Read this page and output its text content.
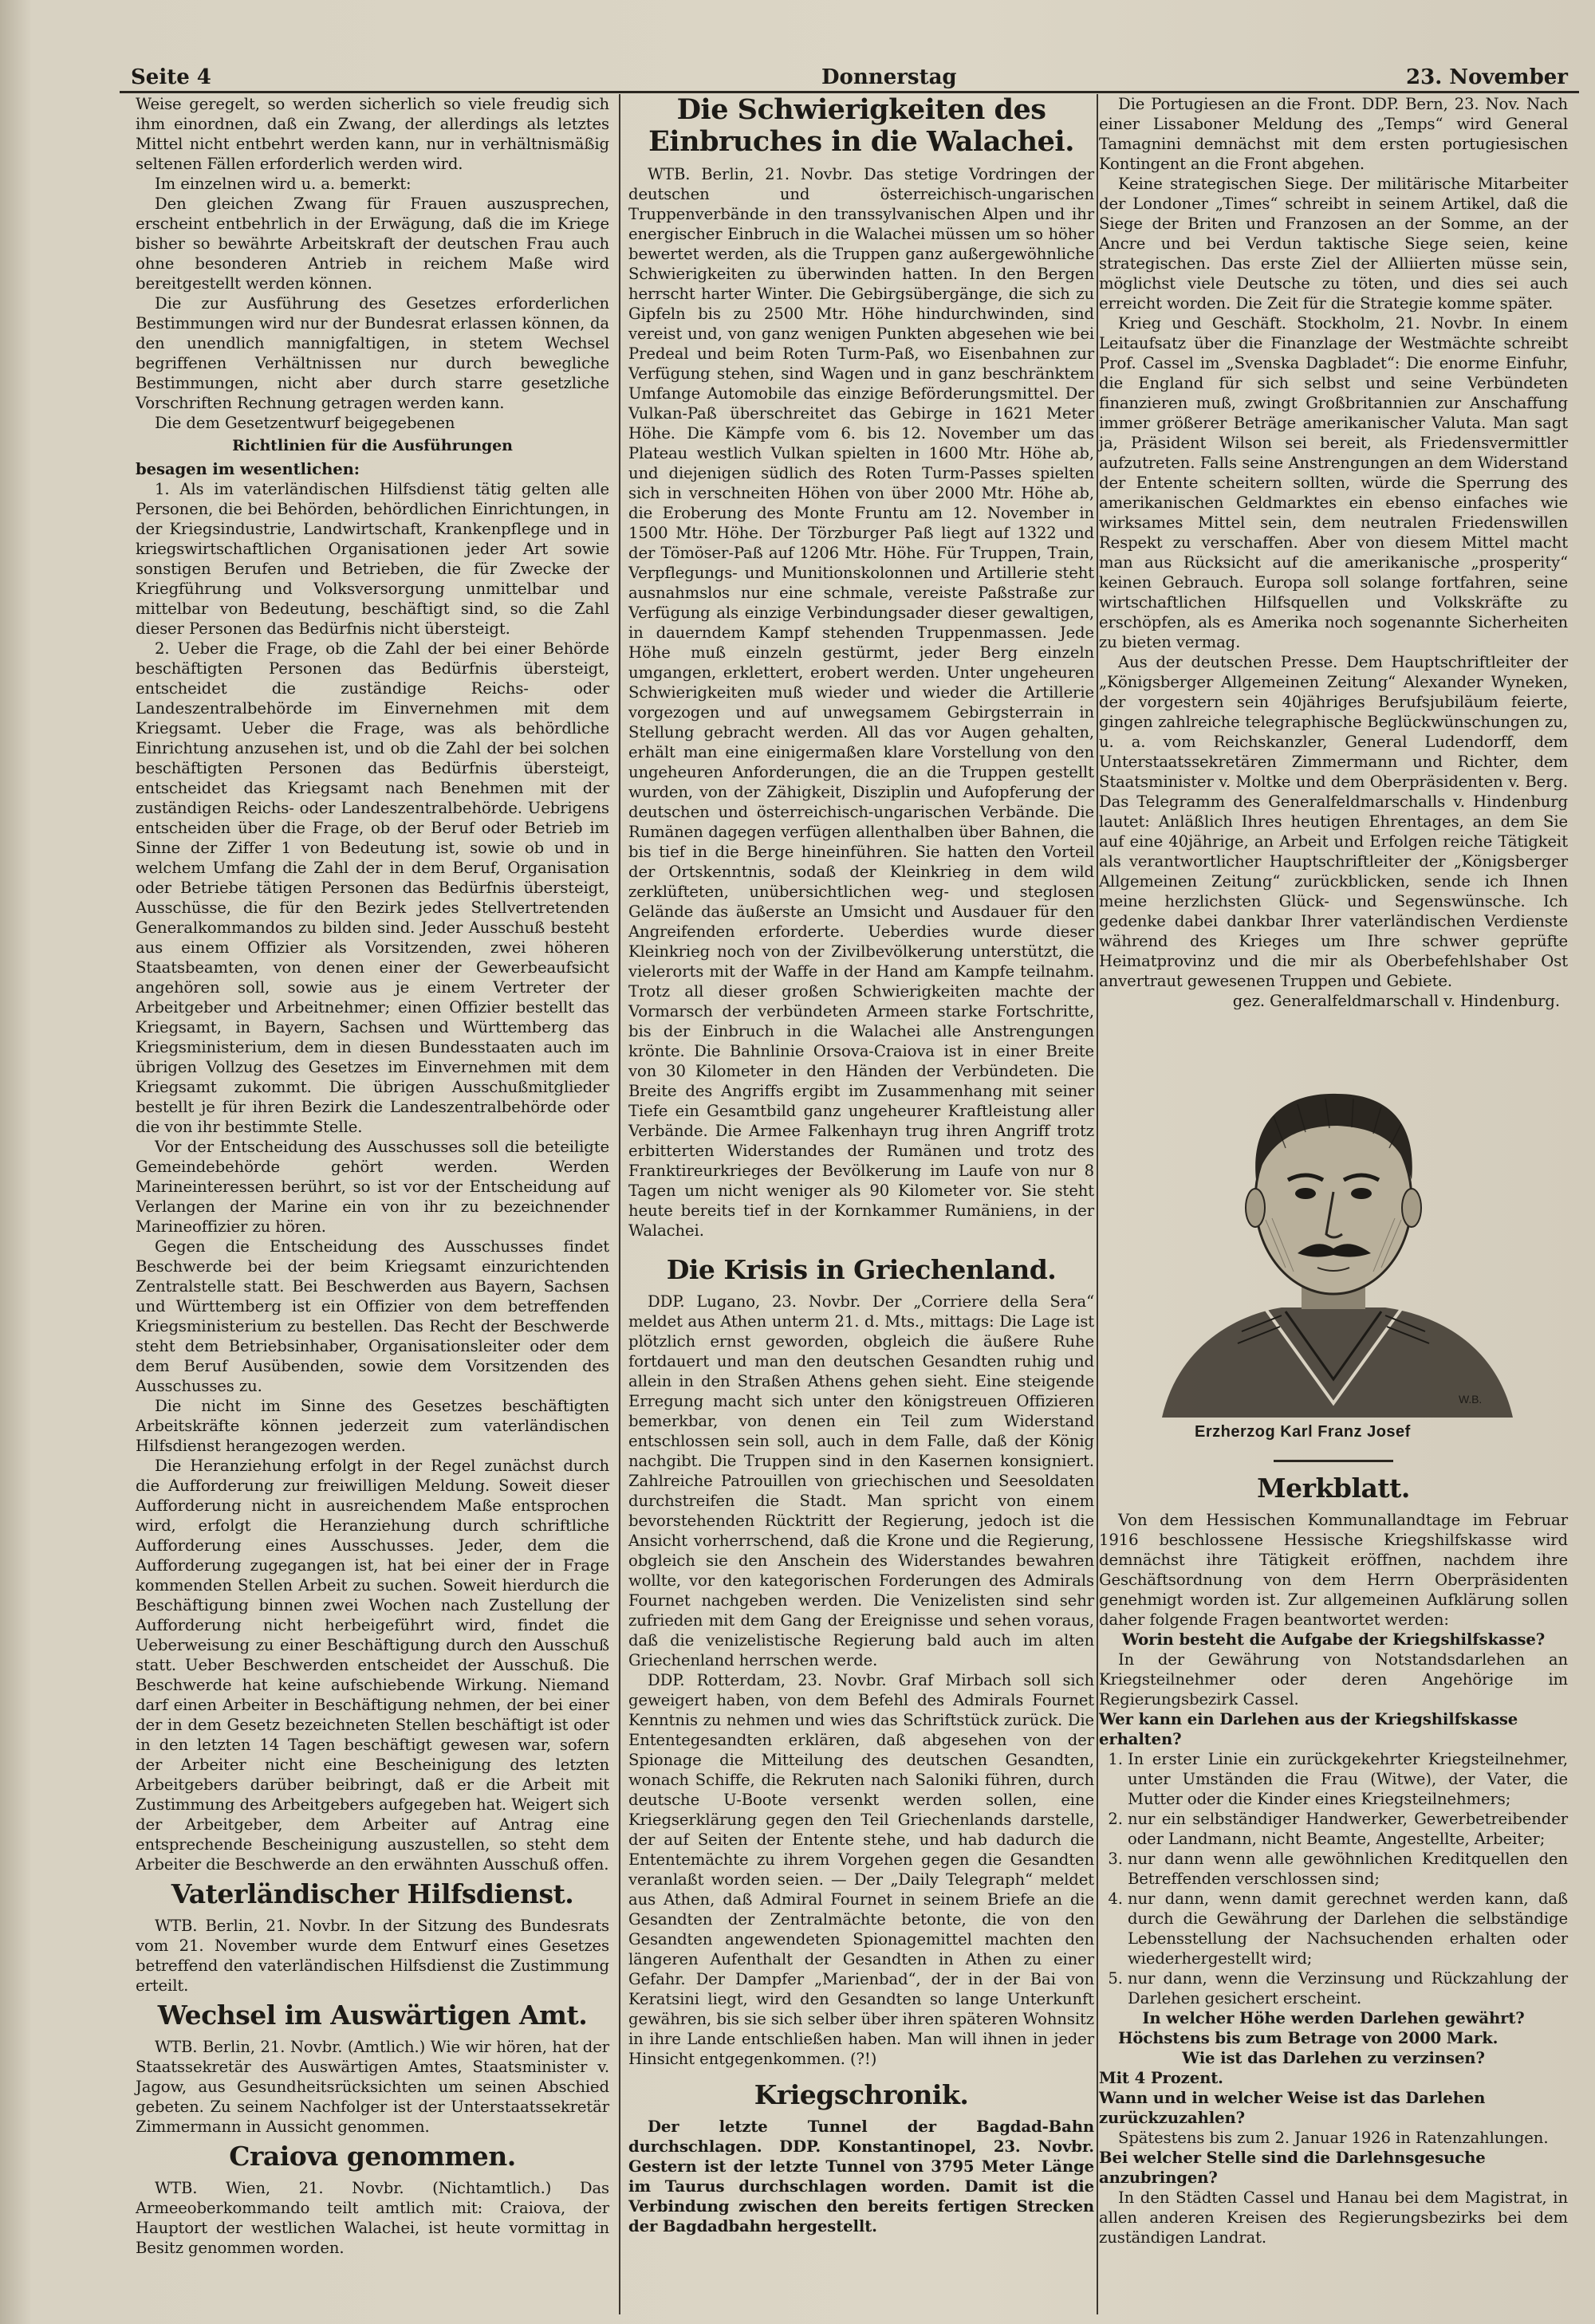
Seite 4	Donnerstag	23. November

Weise geregelt, so werden sicherlich so viele freudig sich ihm einordnen, daß ein Zwang, der allerdings als letztes Mittel nicht entbehrt werden kann, nur in verhältnismäßig seltenen Fällen erforderlich werden wird.

Im einzelnen wird u. a. bemerkt:

Den gleichen Zwang für Frauen auszusprechen, erscheint entbehrlich in der Erwägung, daß die im Kriege bisher so bewährte Arbeitskraft der deutschen Frau auch ohne besonderen Antrieb in reichem Maße wird bereitgestellt werden können.

Die zur Ausführung des Gesetzes erforderlichen Bestimmungen wird nur der Bundesrat erlassen können, da den unendlich mannigfaltigen, in stetem Wechsel begriffenen Verhältnissen nur durch bewegliche Bestimmungen, nicht aber durch starre gesetzliche Vorschriften Rechnung getragen werden kann.

Die dem Gesetzentwurf beigegebenen

Richtlinien für die Ausführungen

besagen im wesentlichen:

1. Als im vaterländischen Hilfsdienst tätig gelten alle Personen, die bei Behörden, behördlichen Einrichtungen, in der Kriegsindustrie, Landwirtschaft, Krankenpflege und in kriegswirtschaftlichen Organisationen jeder Art sowie sonstigen Berufen und Betrieben, die für Zwecke der Kriegführung und Volksversorgung unmittelbar und mittelbar von Bedeutung, beschäftigt sind, so die Zahl dieser Personen das Bedürfnis nicht übersteigt.

2. Ueber die Frage, ob die Zahl der bei einer Behörde beschäftigten Personen das Bedürfnis übersteigt, entscheidet die zuständige Reichs- oder Landeszentralbehörde im Einvernehmen mit dem Kriegsamt. Ueber die Frage, was als behördliche Einrichtung anzusehen ist, und ob die Zahl der bei solchen beschäftigten Personen das Bedürfnis übersteigt, entscheidet das Kriegsamt nach Benehmen mit der zuständigen Reichs- oder Landeszentralbehörde. Uebrigens entscheiden über die Frage, ob der Beruf oder Betrieb im Sinne der Ziffer 1 von Bedeutung ist, sowie ob und in welchem Umfang die Zahl der in dem Beruf, Organisation oder Betriebe tätigen Personen das Bedürfnis übersteigt, Ausschüsse, die für den Bezirk jedes Stellvertretenden Generalkommandos zu bilden sind. Jeder Ausschuß besteht aus einem Offizier als Vorsitzenden, zwei höheren Staatsbeamten, von denen einer der Gewerbeaufsicht angehören soll, sowie aus je einem Vertreter der Arbeitgeber und Arbeitnehmer; einen Offizier bestellt das Kriegsamt, in Bayern, Sachsen und Württemberg das Kriegsministerium, dem in diesen Bundesstaaten auch im übrigen Vollzug des Gesetzes im Einvernehmen mit dem Kriegsamt zukommt. Die übrigen Ausschußmitglieder bestellt je für ihren Bezirk die Landeszentralbehörde oder die von ihr bestimmte Stelle.

Vor der Entscheidung des Ausschusses soll die beteiligte Gemeindebehörde gehört werden. Werden Marineinteressen berührt, so ist vor der Entscheidung auf Verlangen der Marine ein von ihr zu bezeichnender Marineoffizier zu hören.

Gegen die Entscheidung des Ausschusses findet Beschwerde bei der beim Kriegsamt einzurichtenden Zentralstelle statt. Bei Beschwerden aus Bayern, Sachsen und Württemberg ist ein Offizier von dem betreffenden Kriegsministerium zu bestellen. Das Recht der Beschwerde steht dem Betriebsinhaber, Organisationsleiter oder dem dem Beruf Ausübenden, sowie dem Vorsitzenden des Ausschusses zu.

Die nicht im Sinne des Gesetzes beschäftigten Arbeitskräfte können jederzeit zum vaterländischen Hilfsdienst herangezogen werden.

Die Heranziehung erfolgt in der Regel zunächst durch die Aufforderung zur freiwilligen Meldung. Soweit dieser Aufforderung nicht in ausreichendem Maße entsprochen wird, erfolgt die Heranziehung durch schriftliche Aufforderung eines Ausschusses. Jeder, dem die Aufforderung zugegangen ist, hat bei einer der in Frage kommenden Stellen Arbeit zu suchen. Soweit hierdurch die Beschäftigung binnen zwei Wochen nach Zustellung der Aufforderung nicht herbeigeführt wird, findet die Ueberweisung zu einer Beschäftigung durch den Ausschuß statt. Ueber Beschwerden entscheidet der Ausschuß. Die Beschwerde hat keine aufschiebende Wirkung. Niemand darf einen Arbeiter in Beschäftigung nehmen, der bei einer der in dem Gesetz bezeichneten Stellen beschäftigt ist oder in den letzten 14 Tagen beschäftigt gewesen war, sofern der Arbeiter nicht eine Bescheinigung des letzten Arbeitgebers darüber beibringt, daß er die Arbeit mit Zustimmung des Arbeitgebers aufgegeben hat. Weigert sich der Arbeitgeber, dem Arbeiter auf Antrag eine entsprechende Bescheinigung auszustellen, so steht dem Arbeiter die Beschwerde an den erwähnten Ausschuß offen.

Vaterländischer Hilfsdienst.

WTB. Berlin, 21. Novbr. In der Sitzung des Bundesrats vom 21. November wurde dem Entwurf eines Gesetzes betreffend den vaterländischen Hilfsdienst die Zustimmung erteilt.

Wechsel im Auswärtigen Amt.

WTB. Berlin, 21. Novbr. (Amtlich.) Wie wir hören, hat der Staatssekretär des Auswärtigen Amtes, Staatsminister v. Jagow, aus Gesundheitsrücksichten um seinen Abschied gebeten. Zu seinem Nachfolger ist der Unterstaatssekretär Zimmermann in Aussicht genommen.

Craiova genommen.

WTB. Wien, 21. Novbr. (Nichtamtlich.) Das Armeeoberkommando teilt amtlich mit: Craiova, der Hauptort der westlichen Walachei, ist heute vormittag in Besitz genommen worden.

Die Schwierigkeiten des Einbruches in die Walachei.

WTB. Berlin, 21. Novbr. Das stetige Vordringen der deutschen und österreichisch-ungarischen Truppenverbände in den transsylvanischen Alpen und ihr energischer Einbruch in die Walachei müssen um so höher bewertet werden, als die Truppen ganz außergewöhnliche Schwierigkeiten zu überwinden hatten. In den Bergen herrscht harter Winter. Die Gebirgsübergänge, die sich zu Gipfeln bis zu 2500 Mtr. Höhe hindurchwinden, sind vereist und, von ganz wenigen Punkten abgesehen wie bei Predeal und beim Roten Turm-Paß, wo Eisenbahnen zur Verfügung stehen, sind Wagen und in ganz beschränktem Umfange Automobile das einzige Beförderungsmittel. Der Vulkan-Paß überschreitet das Gebirge in 1621 Meter Höhe. Die Kämpfe vom 6. bis 12. November um das Plateau westlich Vulkan spielten in 1600 Mtr. Höhe ab, und diejenigen südlich des Roten Turm-Passes spielten sich in verschneiten Höhen von über 2000 Mtr. Höhe ab, die Eroberung des Monte Fruntu am 12. November in 1500 Mtr. Höhe. Der Törzburger Paß liegt auf 1322 und der Tömöser-Paß auf 1206 Mtr. Höhe. Für Truppen, Train, Verpflegungs- und Munitionskolonnen und Artillerie steht ausnahmslos nur eine schmale, vereiste Paßstraße zur Verfügung als einzige Verbindungsader dieser gewaltigen, in dauerndem Kampf stehenden Truppenmassen. Jede Höhe muß einzeln gestürmt, jeder Berg einzeln umgangen, erklettert, erobert werden. Unter ungeheuren Schwierigkeiten muß wieder und wieder die Artillerie vorgezogen und auf unwegsamem Gebirgsterrain in Stellung gebracht werden. All das vor Augen gehalten, erhält man eine einigermaßen klare Vorstellung von den ungeheuren Anforderungen, die an die Truppen gestellt wurden, von der Zähigkeit, Disziplin und Aufopferung der deutschen und österreichisch-ungarischen Verbände. Die Rumänen dagegen verfügen allenthalben über Bahnen, die bis tief in die Berge hineinführen. Sie hatten den Vorteil der Ortskenntnis, sodaß der Kleinkrieg in dem wild zerklüfteten, unübersichtlichen weg- und steglosen Gelände das äußerste an Umsicht und Ausdauer für den Angreifenden erforderte. Ueberdies wurde dieser Kleinkrieg noch von der Zivilbevölkerung unterstützt, die vielerorts mit der Waffe in der Hand am Kampfe teilnahm. Trotz all dieser großen Schwierigkeiten machte der Vormarsch der verbündeten Armeen starke Fortschritte, bis der Einbruch in die Walachei alle Anstrengungen krönte. Die Bahnlinie Orsova-Craiova ist in einer Breite von 30 Kilometer in den Händen der Verbündeten. Die Breite des Angriffs ergibt im Zusammenhang mit seiner Tiefe ein Gesamtbild ganz ungeheurer Kraftleistung aller Verbände. Die Armee Falkenhayn trug ihren Angriff trotz erbitterten Widerstandes der Rumänen und trotz des Franktireurkrieges der Bevölkerung im Laufe von nur 8 Tagen um nicht weniger als 90 Kilometer vor. Sie steht heute bereits tief in der Kornkammer Rumäniens, in der Walachei.

Die Krisis in Griechenland.

DDP. Lugano, 23. Novbr. Der „Corriere della Sera“ meldet aus Athen unterm 21. d. Mts., mittags: Die Lage ist plötzlich ernst geworden, obgleich die äußere Ruhe fortdauert und man den deutschen Gesandten ruhig und allein in den Straßen Athens gehen sieht. Eine steigende Erregung macht sich unter den königstreuen Offizieren bemerkbar, von denen ein Teil zum Widerstand entschlossen sein soll, auch in dem Falle, daß der König nachgibt. Die Truppen sind in den Kasernen konsigniert. Zahlreiche Patrouillen von griechischen und Seesoldaten durchstreifen die Stadt. Man spricht von einem bevorstehenden Rücktritt der Regierung, jedoch ist die Ansicht vorherrschend, daß die Krone und die Regierung, obgleich sie den Anschein des Widerstandes bewahren wollte, vor den kategorischen Forderungen des Admirals Fournet nachgeben werden. Die Venizelisten sind sehr zufrieden mit dem Gang der Ereignisse und sehen voraus, daß die venizelistische Regierung bald auch im alten Griechenland herrschen werde.

DDP. Rotterdam, 23. Novbr. Graf Mirbach soll sich geweigert haben, von dem Befehl des Admirals Fournet Kenntnis zu nehmen und wies das Schriftstück zurück. Die Ententegesandten erklären, daß abgesehen von der Spionage die Mitteilung des deutschen Gesandten, wonach Schiffe, die Rekruten nach Saloniki führen, durch deutsche U-Boote versenkt werden sollen, eine Kriegserklärung gegen den Teil Griechenlands darstelle, der auf Seiten der Entente stehe, und hab dadurch die Ententemächte zu ihrem Vorgehen gegen die Gesandten veranlaßt worden seien. — Der „Daily Telegraph“ meldet aus Athen, daß Admiral Fournet in seinem Briefe an die Gesandten der Zentralmächte betonte, die von den Gesandten angewendeten Spionagemittel machten den längeren Aufenthalt der Gesandten in Athen zu einer Gefahr. Der Dampfer „Marienbad“, der in der Bai von Keratsini liegt, wird den Gesandten so lange Unterkunft gewähren, bis sie sich selber über ihren späteren Wohnsitz in ihre Lande entschließen haben. Man will ihnen in jeder Hinsicht entgegenkommen. (?!)

Kriegschronik.

Der letzte Tunnel der Bagdad-Bahn durchschlagen. DDP. Konstantinopel, 23. Novbr. Gestern ist der letzte Tunnel von 3795 Meter Länge im Taurus durchschlagen worden. Damit ist die Verbindung zwischen den bereits fertigen Strecken der Bagdadbahn hergestellt.

Die Portugiesen an die Front. DDP. Bern, 23. Nov. Nach einer Lissaboner Meldung des „Temps“ wird General Tamagnini demnächst mit dem ersten portugiesischen Kontingent an die Front abgehen.

Keine strategischen Siege. Der militärische Mitarbeiter der Londoner „Times“ schreibt in seinem Artikel, daß die Siege der Briten und Franzosen an der Somme, an der Ancre und bei Verdun taktische Siege seien, keine strategischen. Das erste Ziel der Alliierten müsse sein, möglichst viele Deutsche zu töten, und dies sei auch erreicht worden. Die Zeit für die Strategie komme später.

Krieg und Geschäft. Stockholm, 21. Novbr. In einem Leitaufsatz über die Finanzlage der Westmächte schreibt Prof. Cassel im „Svenska Dagbladet“: Die enorme Einfuhr, die England für sich selbst und seine Verbündeten finanzieren muß, zwingt Großbritannien zur Anschaffung immer größerer Beträge amerikanischer Valuta. Man sagt ja, Präsident Wilson sei bereit, als Friedensvermittler aufzutreten. Falls seine Anstrengungen an dem Widerstand der Entente scheitern sollten, würde die Sperrung des amerikanischen Geldmarktes ein ebenso einfaches wie wirksames Mittel sein, dem neutralen Friedenswillen Respekt zu verschaffen. Aber von diesem Mittel macht man aus Rücksicht auf die amerikanische „prosperity“ keinen Gebrauch. Europa soll solange fortfahren, seine wirtschaftlichen Hilfsquellen und Volkskräfte zu erschöpfen, als es Amerika noch sogenannte Sicherheiten zu bieten vermag.

Aus der deutschen Presse. Dem Hauptschriftleiter der „Königsberger Allgemeinen Zeitung“ Alexander Wyneken, der vorgestern sein 40jähriges Berufsjubiläum feierte, gingen zahlreiche telegraphische Beglückwünschungen zu, u. a. vom Reichskanzler, General Ludendorff, dem Unterstaatssekretären Zimmermann und Richter, dem Staatsminister v. Moltke und dem Oberpräsidenten v. Berg. Das Telegramm des Generalfeldmarschalls v. Hindenburg lautet: Anläßlich Ihres heutigen Ehrentages, an dem Sie auf eine 40jährige, an Arbeit und Erfolgen reiche Tätigkeit als verantwortlicher Hauptschriftleiter der „Königsberger Allgemeinen Zeitung“ zurückblicken, sende ich Ihnen meine herzlichsten Glück- und Segenswünsche. Ich gedenke dabei dankbar Ihrer vaterländischen Verdienste während des Krieges um Ihre schwer geprüfte Heimatprovinz und die mir als Oberbefehlshaber Ost anvertraut gewesenen Truppen und Gebiete.

gez. Generalfeldmarschall v. Hindenburg.

W.B.
Erzherzog Karl Franz Josef
Merkblatt.

Von dem Hessischen Kommunallandtage im Februar 1916 beschlossene Hessische Kriegshilfskasse wird demnächst ihre Tätigkeit eröffnen, nachdem ihre Geschäftsordnung von dem Herrn Oberpräsidenten genehmigt worden ist. Zur allgemeinen Aufklärung sollen daher folgende Fragen beantwortet werden:

Worin besteht die Aufgabe der Kriegshilfskasse?

In der Gewährung von Notstandsdarlehen an Kriegsteilnehmer oder deren Angehörige im Regierungsbezirk Cassel.

Wer kann ein Darlehen aus der Kriegshilfskasse erhalten?

1. In erster Linie ein zurückgekehrter Kriegsteilnehmer, unter Umständen die Frau (Witwe), der Vater, die Mutter oder die Kinder eines Kriegsteilnehmers;
2. nur ein selbständiger Handwerker, Gewerbetreibender oder Landmann, nicht Beamte, Angestellte, Arbeiter;
3. nur dann wenn alle gewöhnlichen Kreditquellen den Betreffenden verschlossen sind;
4. nur dann, wenn damit gerechnet werden kann, daß durch die Gewährung der Darlehen die selbständige Lebensstellung der Nachsuchenden erhalten oder wiederhergestellt wird;
5. nur dann, wenn die Verzinsung und Rückzahlung der Darlehen gesichert erscheint.

In welcher Höhe werden Darlehen gewährt?

Höchstens bis zum Betrage von 2000 Mark.

Wie ist das Darlehen zu verzinsen?

Mit 4 Prozent.

Wann und in welcher Weise ist das Darlehen zurückzuzahlen?

Spätestens bis zum 2. Januar 1926 in Ratenzahlungen.

Bei welcher Stelle sind die Darlehnsgesuche anzubringen?

In den Städten Cassel und Hanau bei dem Magistrat, in allen anderen Kreisen des Regierungsbezirks bei dem zuständigen Landrat.
